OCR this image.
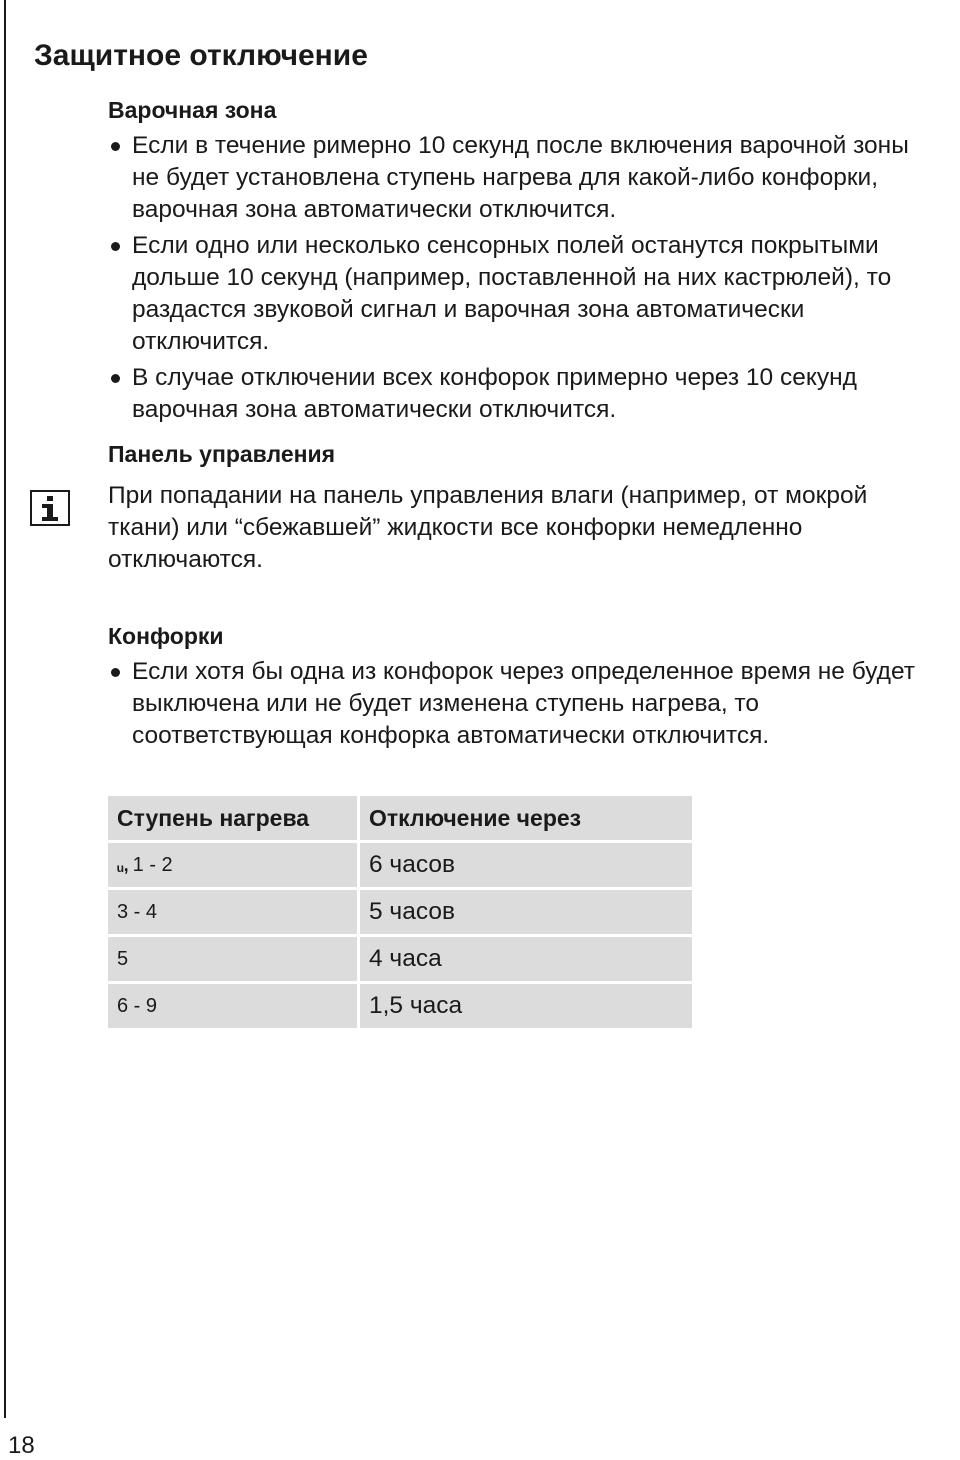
Защитное отключение
Варочная зона
Если в течение римерно 10 секунд после включения варочной зоны не будет установлена ступень нагрева для какой-либо конфорки, варочная зона автоматически отключится.
Если одно или несколько сенсорных полей останутся покрытыми дольше 10 секунд (например, поставленной на них кастрюлей), то раздастся звуковой сигнал и варочная зона автоматически отключится.
В случае отключении всех конфорок примерно через 10 секунд варочная зона автоматически отключится.
Панель управления

При попадании на панель управления влаги (например, от мокрой ткани) или “сбежавшей” жидкости все конфорки немедленно отключаются.

Конфорки
Если хотя бы одна из конфорок через определенное время не будет выключена или не будет изменена ступень нагрева, то соответствующая конфорка автоматически отключится.
Ступень нагрева	Отключение через
ᵤ, 1 - 2	6 часов
3 - 4	5 часов
5	4 часа
6 - 9	1,5 часа
18
